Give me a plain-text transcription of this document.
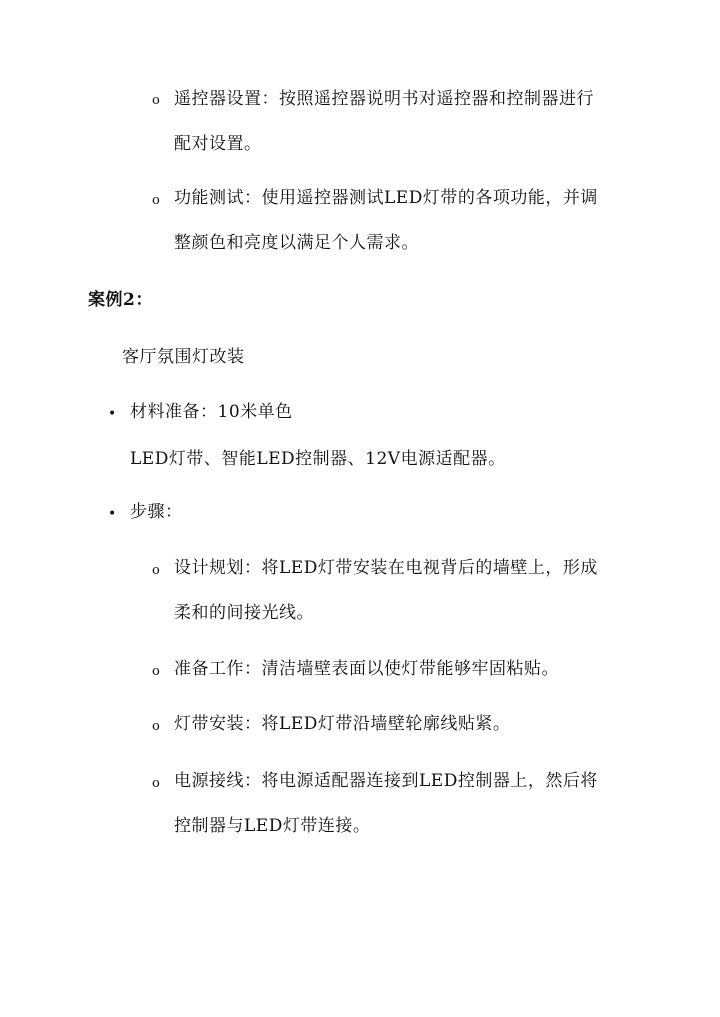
o 遥控器设置：按照遥控器说明书对遥控器和控制器进行
配对设置。
o 功能测试：使用遥控器测试LED灯带的各项功能，并调
整颜色和亮度以满足个人需求。
案例2：
客厅氛围灯改装
• 材料准备：10米单色
LED灯带、智能LED控制器、12V电源适配器。
• 步骤：
o 设计规划：将LED灯带安装在电视背后的墙壁上，形成
柔和的间接光线。
o 准备工作：清洁墙壁表面以使灯带能够牢固粘贴。
o 灯带安装：将LED灯带沿墙壁轮廓线贴紧。
o 电源接线：将电源适配器连接到LED控制器上，然后将
控制器与LED灯带连接。
